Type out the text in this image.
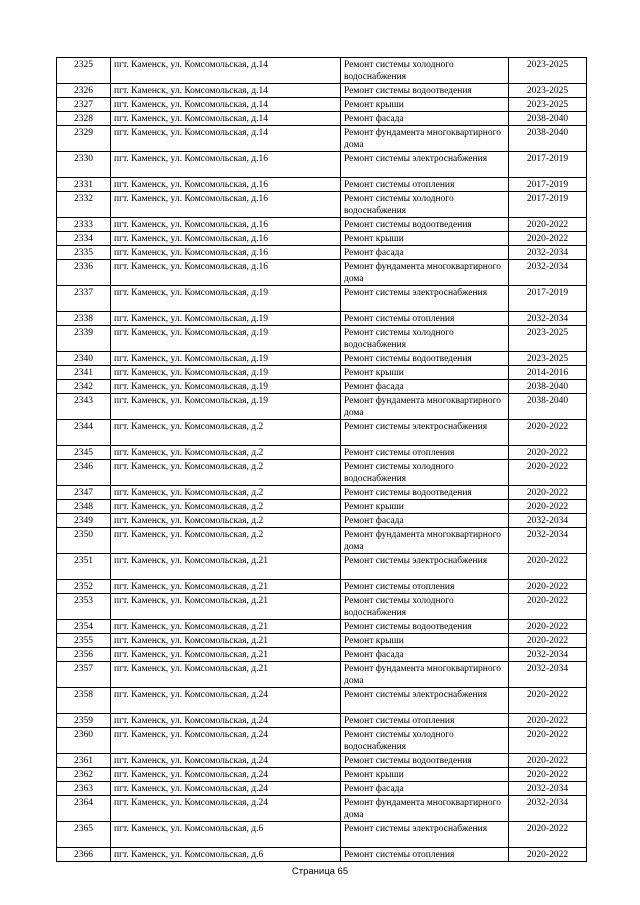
2325	пгт. Каменск, ул. Комсомольская, д.14	Ремонт системы холодного водоснабжения	2023-2025
2326	пгт. Каменск, ул. Комсомольская, д.14	Ремонт системы водоотведения	2023-2025
2327	пгт. Каменск, ул. Комсомольская, д.14	Ремонт крыши	2023-2025
2328	пгт. Каменск, ул. Комсомольская, д.14	Ремонт фасада	2038-2040
2329	пгт. Каменск, ул. Комсомольская, д.14	Ремонт фундамента многоквартирного дома	2038-2040
2330	пгт. Каменск, ул. Комсомольская, д.16	Ремонт системы электроснабжения	2017-2019
2331	пгт. Каменск, ул. Комсомольская, д.16	Ремонт системы отопления	2017-2019
2332	пгт. Каменск, ул. Комсомольская, д.16	Ремонт системы холодного водоснабжения	2017-2019
2333	пгт. Каменск, ул. Комсомольская, д.16	Ремонт системы водоотведения	2020-2022
2334	пгт. Каменск, ул. Комсомольская, д.16	Ремонт крыши	2020-2022
2335	пгт. Каменск, ул. Комсомольская, д.16	Ремонт фасада	2032-2034
2336	пгт. Каменск, ул. Комсомольская, д.16	Ремонт фундамента многоквартирного дома	2032-2034
2337	пгт. Каменск, ул. Комсомольская, д.19	Ремонт системы электроснабжения	2017-2019
2338	пгт. Каменск, ул. Комсомольская, д.19	Ремонт системы отопления	2032-2034
2339	пгт. Каменск, ул. Комсомольская, д.19	Ремонт системы холодного водоснабжения	2023-2025
2340	пгт. Каменск, ул. Комсомольская, д.19	Ремонт системы водоотведения	2023-2025
2341	пгт. Каменск, ул. Комсомольская, д.19	Ремонт крыши	2014-2016
2342	пгт. Каменск, ул. Комсомольская, д.19	Ремонт фасада	2038-2040
2343	пгт. Каменск, ул. Комсомольская, д.19	Ремонт фундамента многоквартирного дома	2038-2040
2344	пгт. Каменск, ул. Комсомольская, д.2	Ремонт системы электроснабжения	2020-2022
2345	пгт. Каменск, ул. Комсомольская, д.2	Ремонт системы отопления	2020-2022
2346	пгт. Каменск, ул. Комсомольская, д.2	Ремонт системы холодного водоснабжения	2020-2022
2347	пгт. Каменск, ул. Комсомольская, д.2	Ремонт системы водоотведения	2020-2022
2348	пгт. Каменск, ул. Комсомольская, д.2	Ремонт крыши	2020-2022
2349	пгт. Каменск, ул. Комсомольская, д.2	Ремонт фасада	2032-2034
2350	пгт. Каменск, ул. Комсомольская, д.2	Ремонт фундамента многоквартирного дома	2032-2034
2351	пгт. Каменск, ул. Комсомольская, д.21	Ремонт системы электроснабжения	2020-2022
2352	пгт. Каменск, ул. Комсомольская, д.21	Ремонт системы отопления	2020-2022
2353	пгт. Каменск, ул. Комсомольская, д.21	Ремонт системы холодного водоснабжения	2020-2022
2354	пгт. Каменск, ул. Комсомольская, д.21	Ремонт системы водоотведения	2020-2022
2355	пгт. Каменск, ул. Комсомольская, д.21	Ремонт крыши	2020-2022
2356	пгт. Каменск, ул. Комсомольская, д.21	Ремонт фасада	2032-2034
2357	пгт. Каменск, ул. Комсомольская, д.21	Ремонт фундамента многоквартирного дома	2032-2034
2358	пгт. Каменск, ул. Комсомольская, д.24	Ремонт системы электроснабжения	2020-2022
2359	пгт. Каменск, ул. Комсомольская, д.24	Ремонт системы отопления	2020-2022
2360	пгт. Каменск, ул. Комсомольская, д.24	Ремонт системы холодного водоснабжения	2020-2022
2361	пгт. Каменск, ул. Комсомольская, д.24	Ремонт системы водоотведения	2020-2022
2362	пгт. Каменск, ул. Комсомольская, д.24	Ремонт крыши	2020-2022
2363	пгт. Каменск, ул. Комсомольская, д.24	Ремонт фасада	2032-2034
2364	пгт. Каменск, ул. Комсомольская, д.24	Ремонт фундамента многоквартирного дома	2032-2034
2365	пгт. Каменск, ул. Комсомольская, д.6	Ремонт системы электроснабжения	2020-2022
2366	пгт. Каменск, ул. Комсомольская, д.6	Ремонт системы отопления	2020-2022
Страница 65
